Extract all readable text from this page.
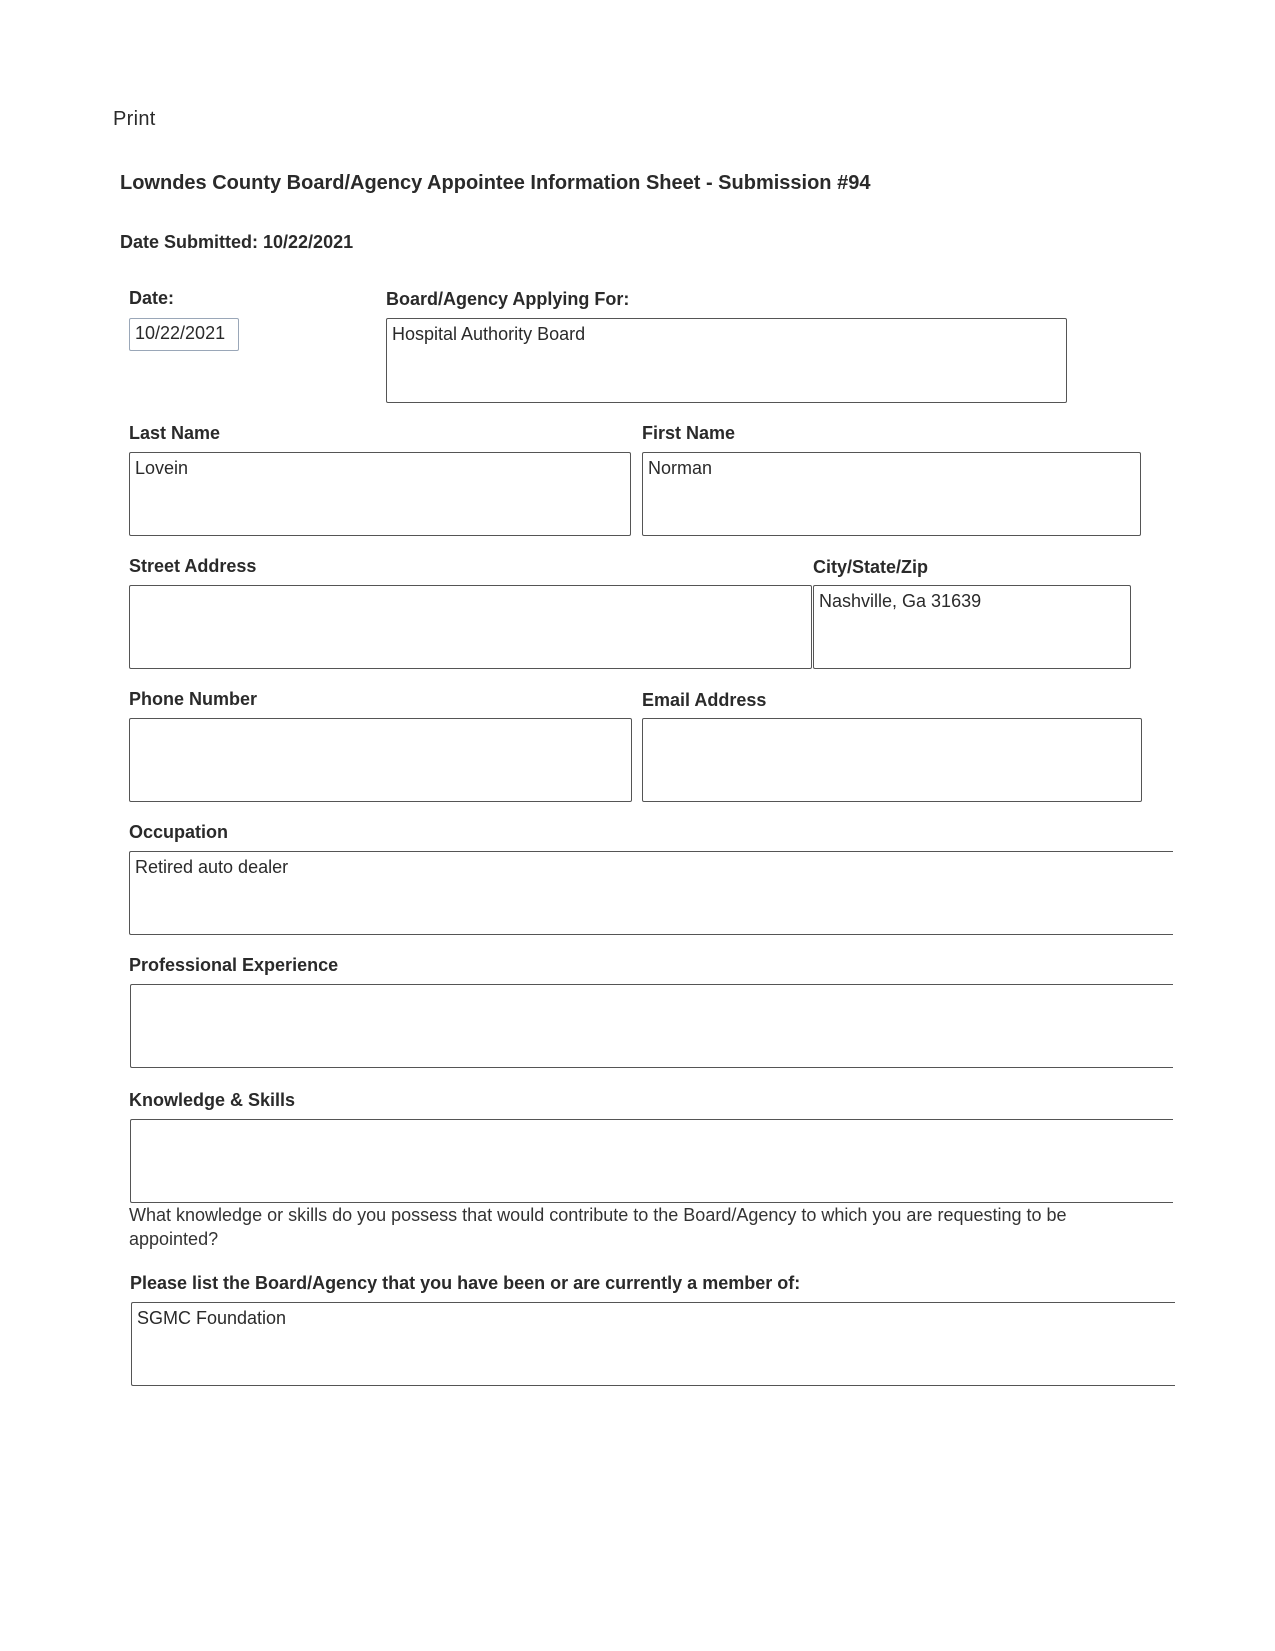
Print
Lowndes County Board/Agency Appointee Information Sheet - Submission #94
Date Submitted: 10/22/2021
Date:
10/22/2021
Board/Agency Applying For:
Hospital Authority Board
Last Name
Lovein
First Name
Norman
Street Address	City/State/Zip
Nashville, Ga 31639
Phone Number	Email Address
Occupation
Retired auto dealer
Professional Experience
Knowledge & Skills
What knowledge or skills do you possess that would contribute to the Board/Agency to which you are requesting to be appointed?
Please list the Board/Agency that you have been or are currently a member of:
SGMC Foundation
